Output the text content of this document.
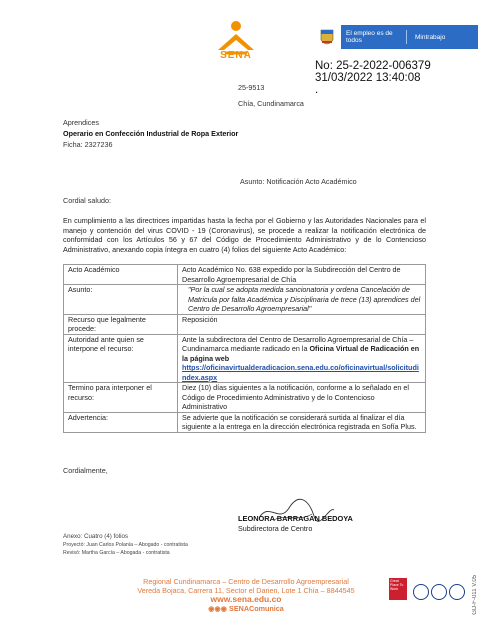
SENA
El empleo es de todos	Mintrabajo
No: 25-2-2022-006379
31/03/2022 13:40:08
.
25-9513
Chía, Cundinamarca
Aprendices
Operario en Confección Industrial de Ropa Exterior
Ficha: 2327236
Asunto: Notificación Acto Académico
Cordial saludo:
En cumplimiento a las directrices impartidas hasta la fecha por el Gobierno y las Autoridades Nacionales para el manejo y contención del virus COVID - 19 (Coronavirus), se procede a realizar la notificación electrónica de conformidad con los Artículos 56 y 67 del Código de Procedimiento Administrativo y de lo Contencioso Administrativo, anexando copia íntegra en cuatro (4) folios del siguiente Acto Académico:
Acto Académico	Acto Académico No. 638 expedido por la Subdirección del Centro de Desarrollo Agroempresarial de Chía
Asunto:	"Por la cual se adopta medida sancionatoria y ordena Cancelación de Matricula por falta Académica y Disciplinaria de trece (13) aprendices del Centro de Desarrollo Agroempresarial"
Recurso que legalmente procede:	Reposición
Autoridad ante quien se interpone el recurso:	Ante la subdirectora del Centro de Desarrollo Agroempresarial de Chía – Cundinamarca mediante radicado en la Oficina Virtual de Radicación en la página web
https://oficinavirtualderadicacion.sena.edu.co/oficinavirtual/solicitudindex.aspx
Termino para interponer el recurso:	Diez (10) días siguientes a la notificación, conforme a lo señalado en el Código de Procedimiento Administrativo y de lo Contencioso Administrativo
Advertencia:	Se advierte que la notificación se considerará surtida al finalizar el día siguiente a la entrega en la dirección electrónica registrada en Sofía Plus.
Cordialmente,
LEONORA BARRAGAN BEDOYA
Subdirectora de Centro
Anexo: Cuatro (4) folios
Proyectó: Juan Carlos Polanía – Abogado - contratista
Revisó: Martha García – Abogada - contratista
Regional Cundinamarca – Centro de Desarrollo Agroempresarial
Vereda Bojaca, Carrera 11, Sector el Darien, Lote 1 Chía – 8844545
www.sena.edu.co
◉◉◉ SENAComunica
Great Place To Work	GD-F-011 V.05
